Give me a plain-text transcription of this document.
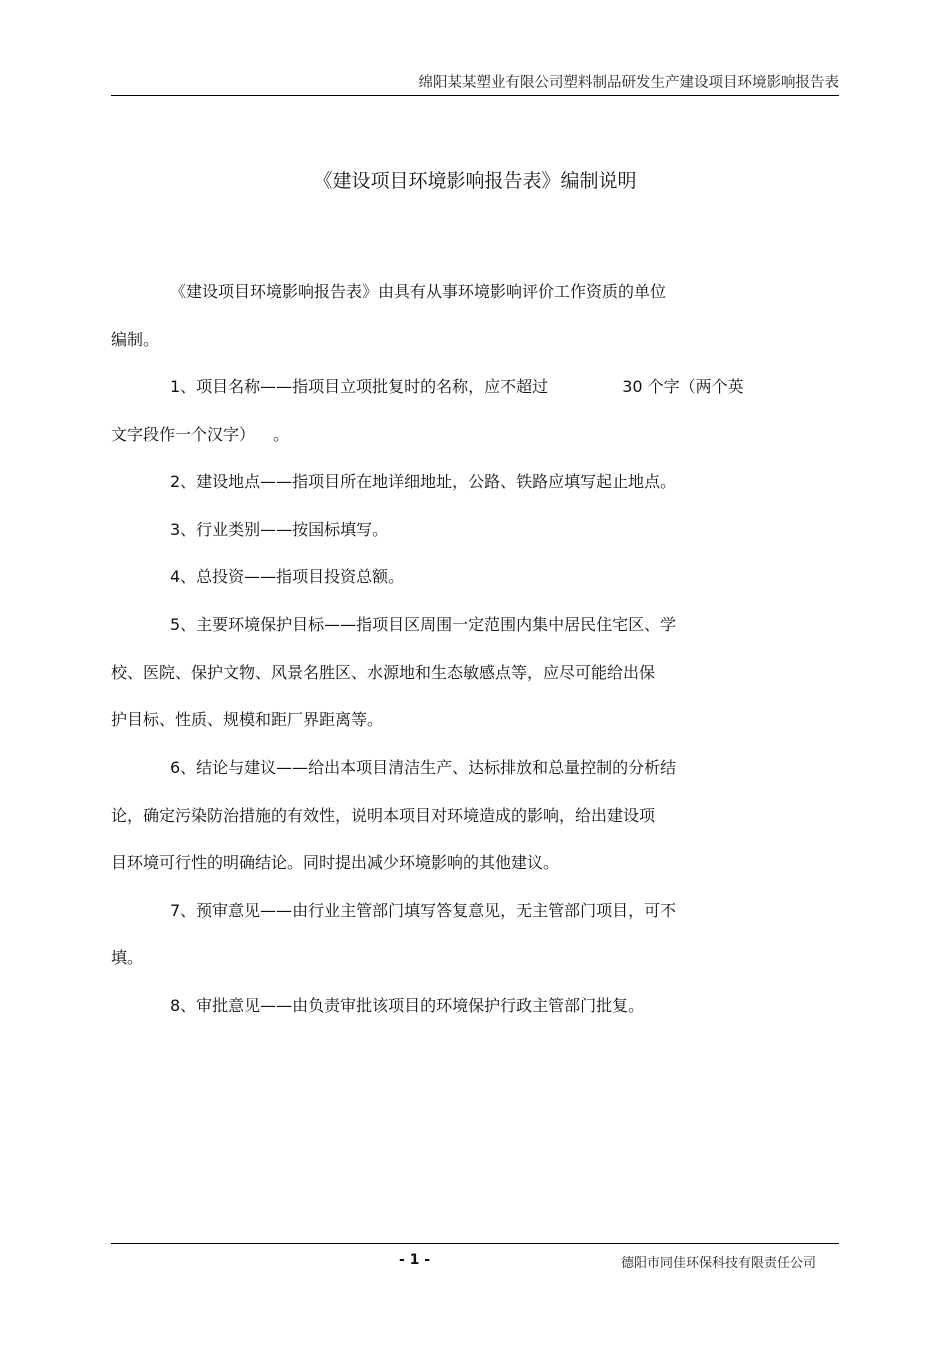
绵阳某某塑业有限公司塑料制品研发生产建设项目环境影响报告表
《建设项目环境影响报告表》编制说明
《建设项目环境影响报告表》由具有从事环境影响评价工作资质的单位
编制。
1、项目名称——指项目立项批复时的名称，应不超过	30 个字（两个英
文字段作一个汉字） 。
2、建设地点——指项目所在地详细地址，公路、铁路应填写起止地点。
3、行业类别——按国标填写。
4、总投资——指项目投资总额。
5、主要环境保护目标——指项目区周围一定范围内集中居民住宅区、学
校、医院、保护文物、风景名胜区、水源地和生态敏感点等，应尽可能给出保
护目标、性质、规模和距厂界距离等。
6、结论与建议——给出本项目清洁生产、达标排放和总量控制的分析结
论，确定污染防治措施的有效性，说明本项目对环境造成的影响，给出建设项
目环境可行性的明确结论。同时提出减少环境影响的其他建议。
7、预审意见——由行业主管部门填写答复意见，无主管部门项目，可不
填。
8、审批意见——由负责审批该项目的环境保护行政主管部门批复。
- 1 -	德阳市同佳环保科技有限责任公司
